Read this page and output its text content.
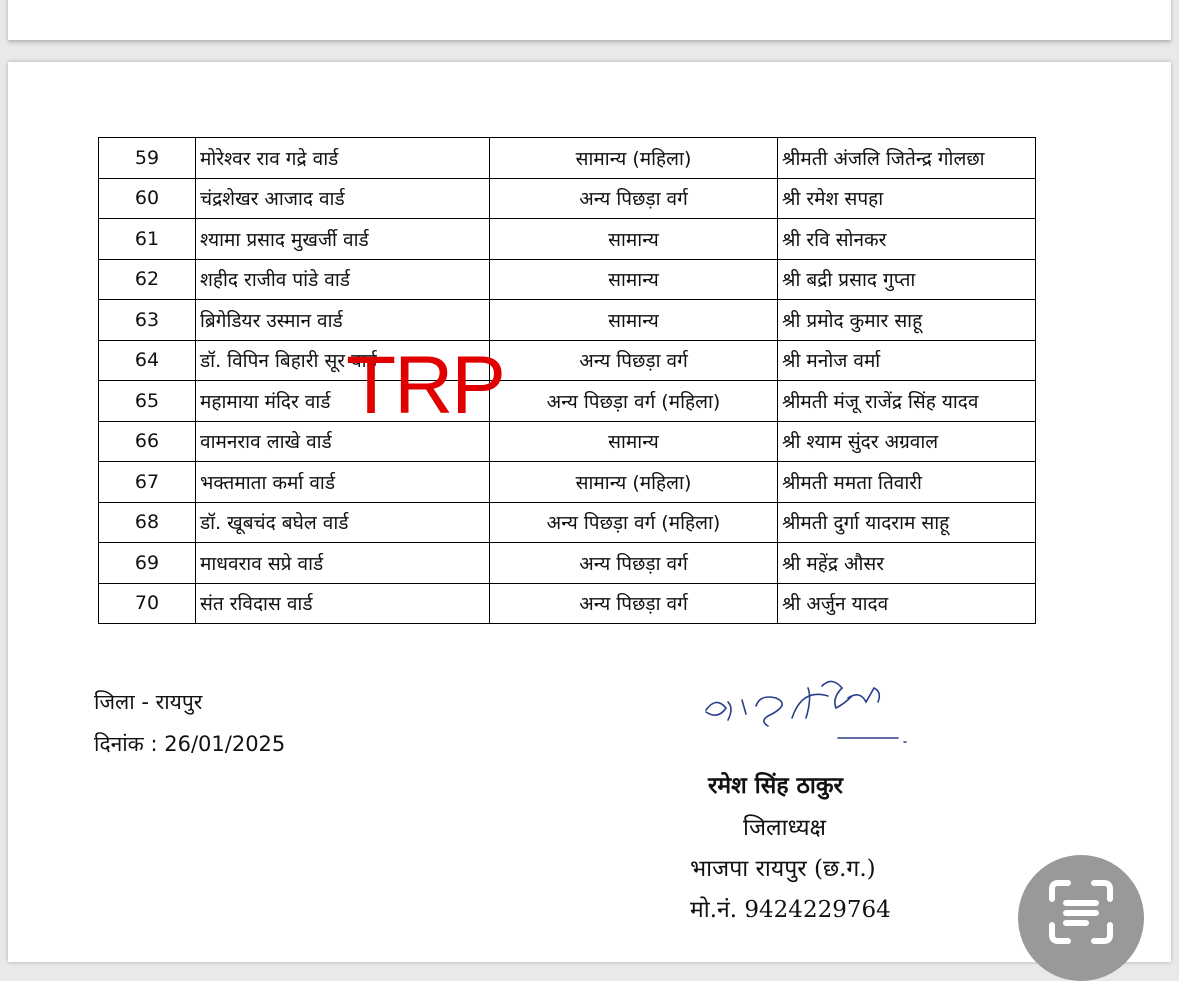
59	मोरेश्वर राव गद्रे वार्ड	सामान्य (महिला)	श्रीमती अंजलि जितेन्द्र गोलछा
60	चंद्रशेखर आजाद वार्ड	अन्य पिछड़ा वर्ग	श्री रमेश सपहा
61	श्यामा प्रसाद मुखर्जी वार्ड	सामान्य	श्री रवि सोनकर
62	शहीद राजीव पांडे वार्ड	सामान्य	श्री बद्री प्रसाद गुप्ता
63	ब्रिगेडियर उस्मान वार्ड	सामान्य	श्री प्रमोद कुमार साहू
64	डॉ. विपिन बिहारी सूर वार्ड	अन्य पिछड़ा वर्ग	श्री मनोज वर्मा
65	महामाया मंदिर वार्ड	अन्य पिछड़ा वर्ग (महिला)	श्रीमती मंजू राजेंद्र सिंह यादव
66	वामनराव लाखे वार्ड	सामान्य	श्री श्याम सुंदर अग्रवाल
67	भक्तमाता कर्मा वार्ड	सामान्य (महिला)	श्रीमती ममता तिवारी
68	डॉ. खूबचंद बघेल वार्ड	अन्य पिछड़ा वर्ग (महिला)	श्रीमती दुर्गा यादराम साहू
69	माधवराव सप्रे वार्ड	अन्य पिछड़ा वर्ग	श्री महेंद्र औसर
70	संत रविदास वार्ड	अन्य पिछड़ा वर्ग	श्री अर्जुन यादव
TRP
जिला - रायपुर
दिनांक : 26/01/2025
रमेश सिंह ठाकुर
जिलाध्यक्ष
भाजपा रायपुर (छ.ग.)
मो.नं. 9424229764
